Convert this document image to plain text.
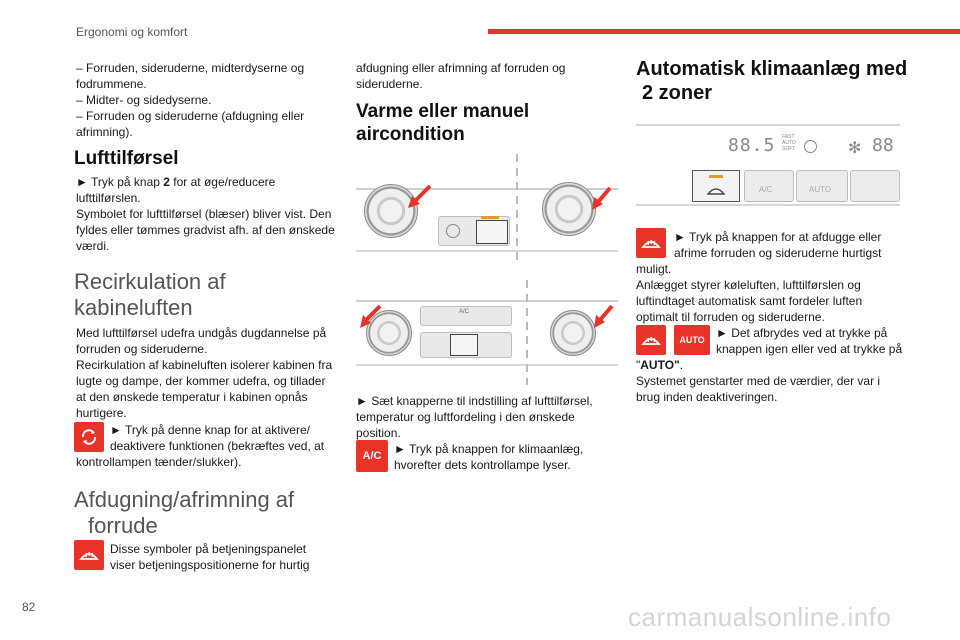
Ergonomi og komfort

– Forruden, sideruderne, midterdyserne og

fodrummene.

– Midter- og sidedyserne.

– Forruden og sideruderne (afdugning eller

afrimning).

Lufttilførsel

► Tryk på knap 2 for at øge/reducere

lufttilførslen.

Symbolet for lufttilførsel (blæser) bliver vist. Den

fyldes eller tømmes gradvist afh. af den ønskede

værdi.

Recirkulation af
kabineluften

Med lufttilførsel udefra undgås dugdannelse på

forruden og sideruderne.

Recirkulation af kabineluften isolerer kabinen fra

lugte og dampe, der kommer udefra, og tillader

at den ønskede temperatur i kabinen opnås

hurtigere.

► Tryk på denne knap for at aktivere/

deaktivere funktionen (bekræftes ved, at

kontrollampen tænder/slukker).

Afdugning/afrimning af
forrude

Disse symboler på betjeningspanelet

viser betjeningspositionerne for hurtig

afdugning eller afrimning af forruden og

sideruderne.

Varme eller manuel
aircondition
A/C

► Sæt knapperne til indstilling af lufttilførsel,

temperatur og luftfordeling i den ønskede

position.

A/C ► Tryk på knappen for klimaanlæg,

hvorefter dets kontrollampe lyser.

Automatisk klimaanlæg med
2 zoner
88.5 FAST
AUTO
SOFT	✻ 88
A/C	AUTO

► Tryk på knappen for at afdugge eller

afrime forruden og sideruderne hurtigst

muligt.

Anlægget styrer kølelufte​n, lufttilførslen og

luftindtaget automatisk samt fordeler luften

optimalt til forruden og sideruderne.

AUTO ► Det afbrydes ved at trykke på

knappen igen eller ved at trykke på

"AUTO".

Systemet genstarter med de værdier, der var i

brug inden deaktiveringen.

82	carmanualsonline.info
